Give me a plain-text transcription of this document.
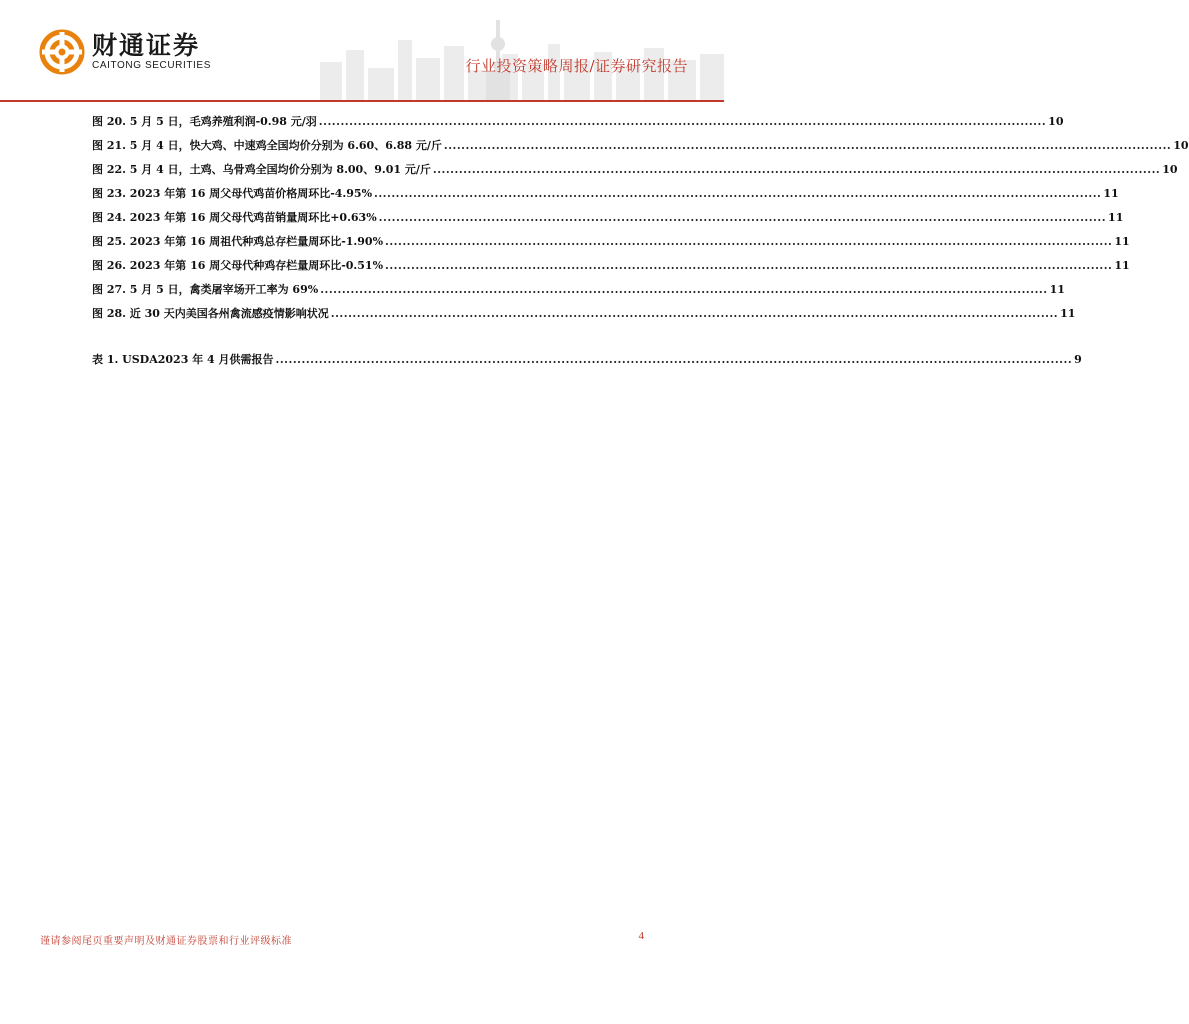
财通证券
CAITONG SECURITIES	行业投资策略周报/证券研究报告
图 20. 5 月 5 日，毛鸡养殖利润-0.98 元/羽 ........................................................................................................................................................................ 10
图 21. 5 月 4 日，快大鸡、中速鸡全国均价分别为 6.60、6.88 元/斤 ........................................................................................................................................................................ 10
图 22. 5 月 4 日，土鸡、乌骨鸡全国均价分别为 8.00、9.01 元/斤 ........................................................................................................................................................................ 10
图 23. 2023 年第 16 周父母代鸡苗价格周环比-4.95% ........................................................................................................................................................................ 11
图 24. 2023 年第 16 周父母代鸡苗销量周环比+0.63% ........................................................................................................................................................................ 11
图 25. 2023 年第 16 周祖代种鸡总存栏量周环比-1.90% ........................................................................................................................................................................ 11
图 26. 2023 年第 16 周父母代种鸡存栏量周环比-0.51% ........................................................................................................................................................................ 11
图 27. 5 月 5 日，禽类屠宰场开工率为 69% ........................................................................................................................................................................ 11
图 28. 近 30 天内美国各州禽流感疫情影响状况 ........................................................................................................................................................................ 11
表 1. USDA2023 年 4 月供需报告 ........................................................................................................................................................................................ 9
谨请参阅尾页重要声明及财通证券股票和行业评级标准	4
